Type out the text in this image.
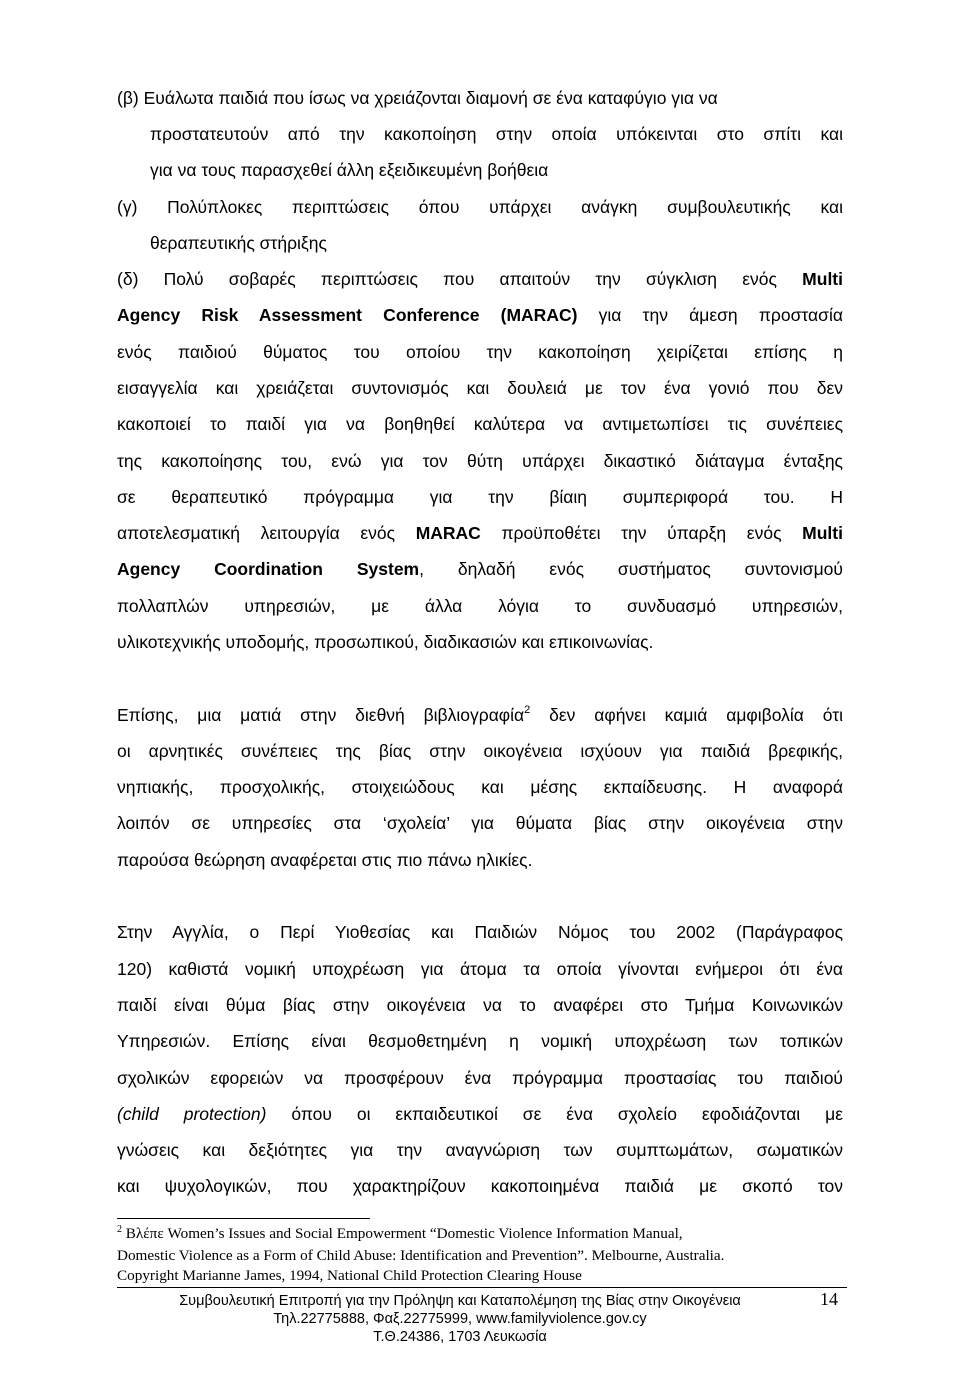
(β) Ευάλωτα παιδιά που ίσως να χρειάζονται διαμονή σε ένα καταφύγιο για να
προστατευτούν από την κακοποίηση στην οποία υπόκεινται στο σπίτι και
για να τους παρασχεθεί άλλη εξειδικευμένη βοήθεια
(γ) Πολύπλοκες περιπτώσεις όπου υπάρχει ανάγκη συμβουλευτικής και
θεραπευτικής στήριξης
(δ) Πολύ σοβαρές περιπτώσεις που απαιτούν την σύγκλιση ενός Multi
Agency Risk Assessment Conference (MARAC) για την άμεση προστασία
ενός παιδιού θύματος του οποίου την κακοποίηση χειρίζεται επίσης η
εισαγγελία και χρειάζεται συντονισμός και δουλειά με τον ένα γονιό που δεν
κακοποιεί το παιδί για να βοηθηθεί καλύτερα να αντιμετωπίσει τις συνέπειες
της κακοποίησης του, ενώ για τον θύτη υπάρχει δικαστικό διάταγμα ένταξης
σε θεραπευτικό πρόγραμμα για την βίαιη συμπεριφορά του. Η
αποτελεσματική λειτουργία ενός MARAC προϋποθέτει την ύπαρξη ενός Multi
Agency Coordination System, δηλαδή ενός συστήματος συντονισμού
πολλαπλών υπηρεσιών, με άλλα λόγια το συνδυασμό υπηρεσιών,
υλικοτεχνικής υποδομής, προσωπικού, διαδικασιών και επικοινωνίας.
Επίσης, μια ματιά στην διεθνή βιβλιογραφία$^2$ δεν αφήνει καμιά αμφιβολία ότι
οι αρνητικές συνέπειες της βίας στην οικογένεια ισχύουν για παιδιά βρεφικής,
νηπιακής, προσχολικής, στοιχειώδους και μέσης εκπαίδευσης. Η αναφορά
λοιπόν σε υπηρεσίες στα ‘σχολεία’ για θύματα βίας στην οικογένεια στην
παρούσα θεώρηση αναφέρεται στις πιο πάνω ηλικίες.
Στην Αγγλία, ο Περί Υιοθεσίας και Παιδιών Νόμος του 2002 (Παράγραφος
120) καθιστά νομική υποχρέωση για άτομα τα οποία γίνονται ενήμεροι ότι ένα
παιδί είναι θύμα βίας στην οικογένεια να το αναφέρει στο Τμήμα Κοινωνικών
Υπηρεσιών. Επίσης είναι θεσμοθετημένη η νομική υποχρέωση των τοπικών
σχολικών εφορειών να προσφέρουν ένα πρόγραμμα προστασίας του παιδιού
(child protection) όπου οι εκπαιδευτικοί σε ένα σχολείο εφοδιάζονται με
γνώσεις και δεξιότητες για την αναγνώριση των συμπτωμάτων, σωματικών
και ψυχολογικών, που χαρακτηρίζουν κακοποιημένα παιδιά με σκοπό τον
$^2$ Βλέπε Women’s Issues and Social Empowerment “Domestic Violence Information Manual,
Domestic Violence as a Form of Child Abuse: Identification and Prevention”. Melbourne, Australia.
Copyright Marianne James, 1994, National Child Protection Clearing House
Συμβουλευτική Επιτροπή για την Πρόληψη και Καταπολέμηση της Βίας στην Οικογένεια
Τηλ.22775888, Φαξ.22775999, www.familyviolence.gov.cy
Τ.Θ.24386, 1703 Λευκωσία
14
